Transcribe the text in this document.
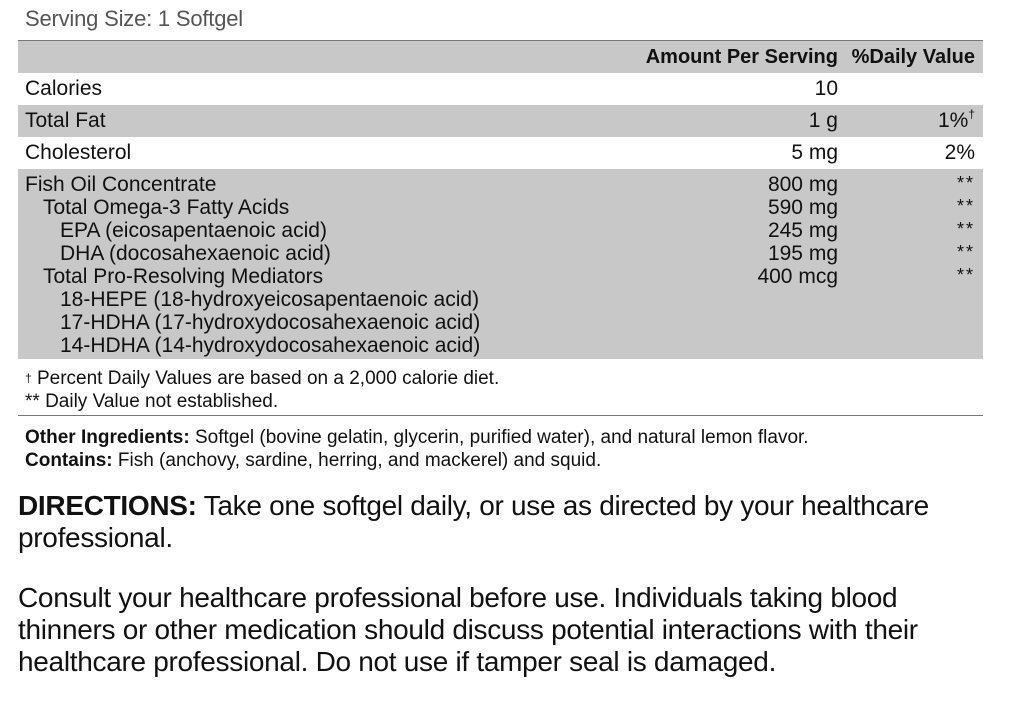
Serving Size: 1 Softgel
Amount Per Serving %Daily Value
Calories	10
Total Fat	1 g	1%†
Cholesterol	5 mg	2%
Fish Oil Concentrate	800 mg	**
Total Omega-3 Fatty Acids	590 mg	**
EPA (eicosapentaenoic acid)	245 mg	**
DHA (docosahexaenoic acid)	195 mg	**
Total Pro-Resolving Mediators	400 mcg	**
18-HEPE (18-hydroxyeicosapentaenoic acid)
17-HDHA (17-hydroxydocosahexaenoic acid)
14-HDHA (14-hydroxydocosahexaenoic acid)
† Percent Daily Values are based on a 2,000 calorie diet.
** Daily Value not established.
Other Ingredients: Softgel (bovine gelatin, glycerin, purified water), and natural lemon flavor.
Contains: Fish (anchovy, sardine, herring, and mackerel) and squid.
DIRECTIONS: Take one softgel daily, or use as directed by your healthcare professional.
Consult your healthcare professional before use. Individuals taking blood thinners or other medication should discuss potential interactions with their healthcare professional. Do not use if tamper seal is damaged.
